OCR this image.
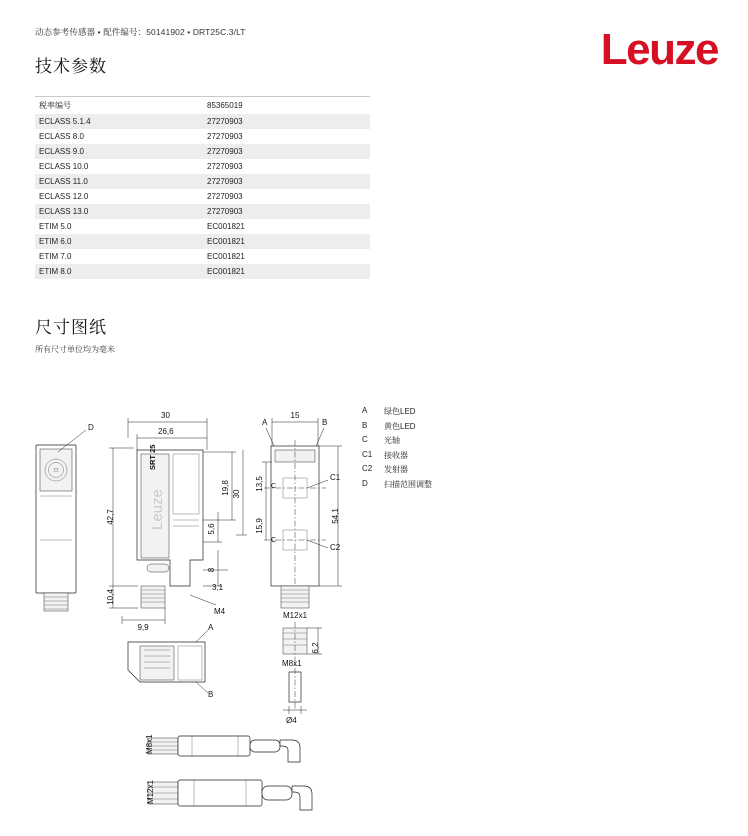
动态参考传感器 • 配件编号：50141902 • DRT25C.3/LT	Leuze
技术参数
税率编号	85365019
ECLASS 5.1.4	27270903
ECLASS 8.0	27270903
ECLASS 9.0	27270903
ECLASS 10.0	27270903
ECLASS 11.0	27270903
ECLASS 12.0	27270903
ECLASS 13.0	27270903
ETIM 5.0	EC001821
ETIM 6.0	EC001821
ETIM 7.0	EC001821
ETIM 8.0	EC001821
尺寸图纸
所有尺寸单位均为毫米
A	绿色LED
B	黄色LED
C	光轴
C1	接收器
C2	发射器
D	扫描范围调整
D
30
26,6
SRT 25
Leuze
42,7
10,4
9,9
19,8 30
5,6
8
3,1
M4
15
A	B
M12x1
C1
C2
13,5 C
15,9
C
54,1
A
B
6,2
M8x1
Ø4
M8x1
M12x1
